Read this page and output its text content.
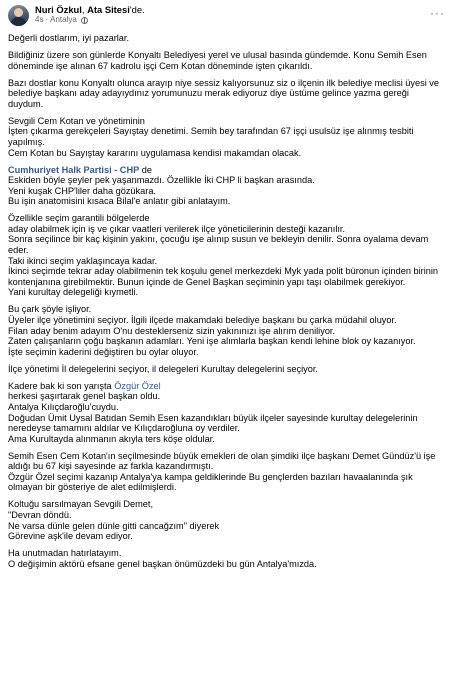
Nuri Özkul, Ata Sitesi'de.
4s · Antalya	···

Değerli dostlarım, iyi pazarlar.

Bildiğiniz üzere son günlerde Konyaltı Belediyesi yerel ve ulusal basında gündemde. Konu Semih Esen döneminde işe alınan 67 kadrolu işçi Cem Kotan döneminde işten çıkarıldı.

Bazı dostlar konu Konyaltı olunca arayıp niye sessiz kalıyorsunuz siz o ilçenin ilk belediye meclisi üyesi ve belediye başkanı aday adayıydınız yorumunuzu merak ediyoruz diye üstüme gelince yazma gereği duydum.

Sevgili Cem Kotan ve yönetiminin
İşten çıkarma gerekçeleri Sayıştay denetimi. Semih bey tarafından 67 işçi usulsüz işe alınmış tesbiti yapılmış.
Cem Kotan bu Sayıştay kararını uygulamasa kendisi makamdan olacak.

Cumhuriyet Halk Partisi - CHP de
Eskiden böyle şeyler pek yaşanmazdı. Özellikle İki CHP li başkan arasında.
Yeni kuşak CHP'liler daha gözükara.
Bu işin anatomisini kısaca Bilal'e anlatır gibi anlatayım.

Özellikle seçim garantili bölgelerde
aday olabilmek için iş ve çıkar vaatleri verilerek ilçe yöneticilerinin desteği kazanılır.
Sonra seçilince bir kaç kişinin yakını, çocuğu işe alınıp susun ve bekleyin denilir. Sonra oyalama devam eder.
Taki ikinci seçim yaklaşıncaya kadar.
İkinci seçimde tekrar aday olabilmenin tek koşulu genel merkezdeki Myk yada polit büronun içinden birinin kontenjanına girebilmektir. Bunun içinde de Genel Başkan seçiminin yapı taşı olabilmek gerekiyor.
Yani kurultay delegeliği kıymetli.

Bu çark şöyle işliyor.
Üyeler ilçe yönetimini seçiyor. İlgili ilçede makamdaki belediye başkanı bu çarka müdahil oluyor.
Filan aday benim adayım O'nu desteklerseniz sizin yakınınızı işe alırım deniliyor.
Zaten çalışanların çoğu başkanın adamları. Yeni işe alımlarla başkan kendi lehine blok oy kazanıyor.
İşte seçimin kaderini değiştiren bu oylar oluyor.

İlçe yönetimi İl delegelerini seçiyor, il delegeleri Kurultay delegelerini seçiyor.

Kadere bak ki son yarışta Özgür Özel
herkesi şaşırtarak genel başkan oldu.
Antalya Kılıçdaroğlu'cuydu.
Doğudan Ümit Uysal Batıdan Semih Esen kazandıkları büyük ilçeler sayesinde kurultay delegelerinin neredeyse tamamını aldılar ve Kılıçdaroğluna oy verdiler.
Ama Kurultayda alınmanın akıyla ters köşe oldular.

Semih Esen Cem Kotan'ın seçilmesinde büyük emekleri de olan şimdiki ilçe başkanı Demet Gündüz'ü işe aldığı bu 67 kişi sayesinde az farkla kazandırmıştı.
Özgür Özel seçimi kazanıp Antalya'ya kampa geldiklerinde Bu gençlerden bazıları havaalanında şık olmayan bir gösteriye de alet edilmişlerdi.

Koltuğu sarsılmayan Sevgili Demet,
"Devran döndü.
Ne varsa dünle gelen dünle gitti cancağzım" diyerek
Görevine aşk'ile devam ediyor.

Ha unutmadan hatırlatayım.
O değişimin aktörü efsane genel başkan önümüzdeki bu gün Antalya'mızda.
